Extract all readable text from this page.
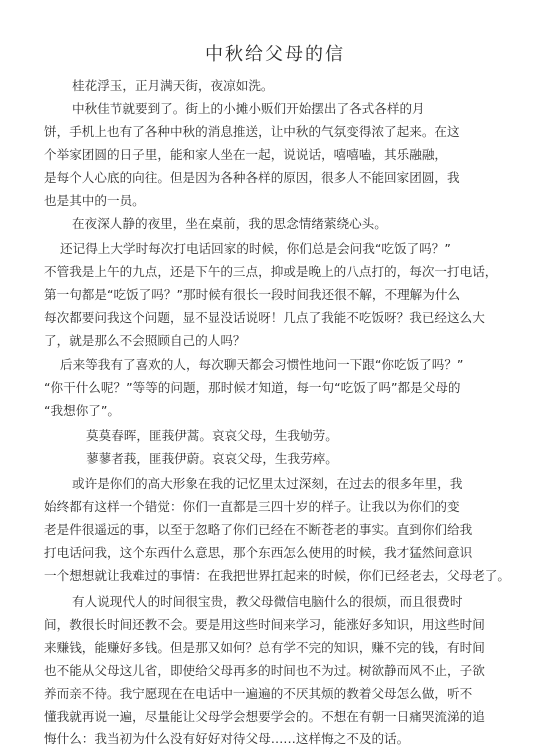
中秋给父母的信
桂花浮玉，正月满天街，夜凉如洗。
中秋佳节就要到了。街上的小摊小贩们开始摆出了各式各样的月
饼，手机上也有了各种中秋的消息推送，让中秋的气氛变得浓了起来。在这
个举家团圆的日子里，能和家人坐在一起，说说话，嘻嘻嗑，其乐融融，
是每个人心底的向往。但是因为各种各样的原因，很多人不能回家团圆，我
也是其中的一员。
在夜深人静的夜里，坐在桌前，我的思念情绪萦绕心头。
还记得上大学时每次打电话回家的时候，你们总是会问我“吃饭了吗？”
不管我是上午的九点，还是下午的三点，抑或是晚上的八点打的，每次一打电话，
第一句都是“吃饭了吗？”那时候有很长一段时间我还很不解，不理解为什么
每次都要问我这个问题，显不显没话说呀！几点了我能不吃饭呀？我已经这么大
了，就是那么不会照顾自己的人吗？
后来等我有了喜欢的人，每次聊天都会习惯性地问一下跟“你吃饭了吗？”
“你干什么呢？”等等的问题，那时候才知道，每一句“吃饭了吗”都是父母的
“我想你了”。
莫莫春晖，匪莪伊蒿。哀哀父母，生我劬劳。
蓼蓼者莪，匪莪伊蔚。哀哀父母，生我劳瘁。
或许是你们的高大形象在我的记忆里太过深刻，在过去的很多年里，我
始终都有这样一个错觉：你们一直都是三四十岁的样子。让我以为你们的变
老是件很遥远的事，以至于忽略了你们已经在不断苍老的事实。直到你们给我
打电话问我，这个东西什么意思，那个东西怎么使用的时候，我才猛然间意识
一个想想就让我难过的事情：在我把世界扛起来的时候，你们已经老去，父母老了。
有人说现代人的时间很宝贵，教父母微信电脑什么的很烦，而且很费时
间，教很长时间还教不会。要是用这些时间来学习，能涨好多知识，用这些时间
来赚钱，能赚好多钱。但是那又如何？总有学不完的知识，赚不完的钱，有时间
也不能从父母这儿省，即使给父母再多的时间也不为过。树欲静而风不止，子欲
养而亲不待。我宁愿现在在电话中一遍遍的不厌其烦的教着父母怎么做，听不
懂我就再说一遍，尽量能让父母学会想要学会的。不想在有朝一日痛哭流涕的追
悔什么：我当初为什么没有好好对待父母……这样悔之不及的话。
